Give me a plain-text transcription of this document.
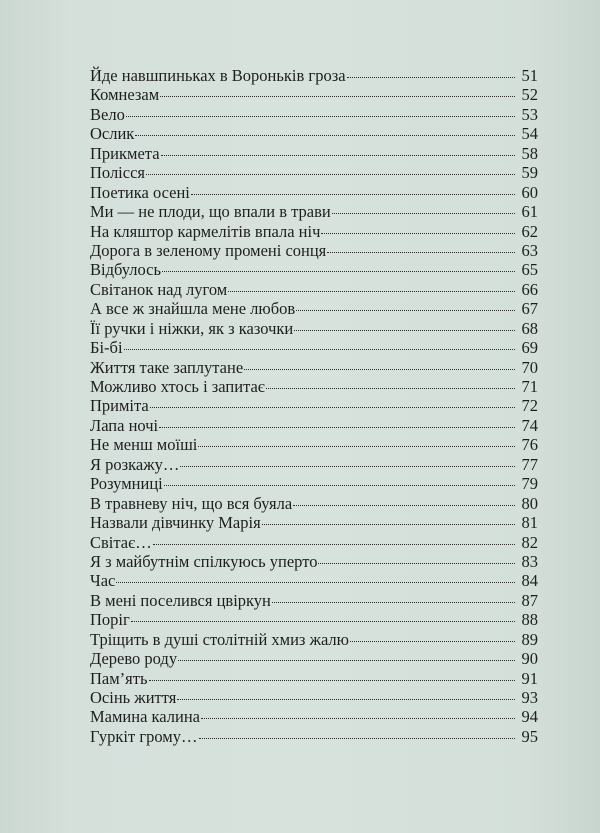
Йде навшпиньках в Вороньків гроза	51
Комнезам	52
Вело	53
Ослик	54
Прикмета	58
Полісся	59
Поетика осені	60
Ми — не плоди, що впали в трави	61
На кляштор кармелітів впала ніч	62
Дорога в зеленому промені сонця	63
Відбулось	65
Світанок над лугом	66
А все ж знайшла мене любов	67
Її ручки і ніжки, як з казочки	68
Бі-бі	69
Життя таке заплутане	70
Можливо хтось і запитає	71
Приміта	72
Лапа ночі	74
Не менш моїші	76
Я розкажу…	77
Розумниці	79
В травневу ніч, що вся буяла	80
Назвали дівчинку Марія	81
Світає…	82
Я з майбутнім спілкуюсь уперто	83
Час	84
В мені поселився цвіркун	87
Поріг	88
Тріщить в душі столітній хмиз жалю	89
Дерево роду	90
Пам’ять	91
Осінь життя	93
Мамина калина	94
Гуркіт грому…	95
